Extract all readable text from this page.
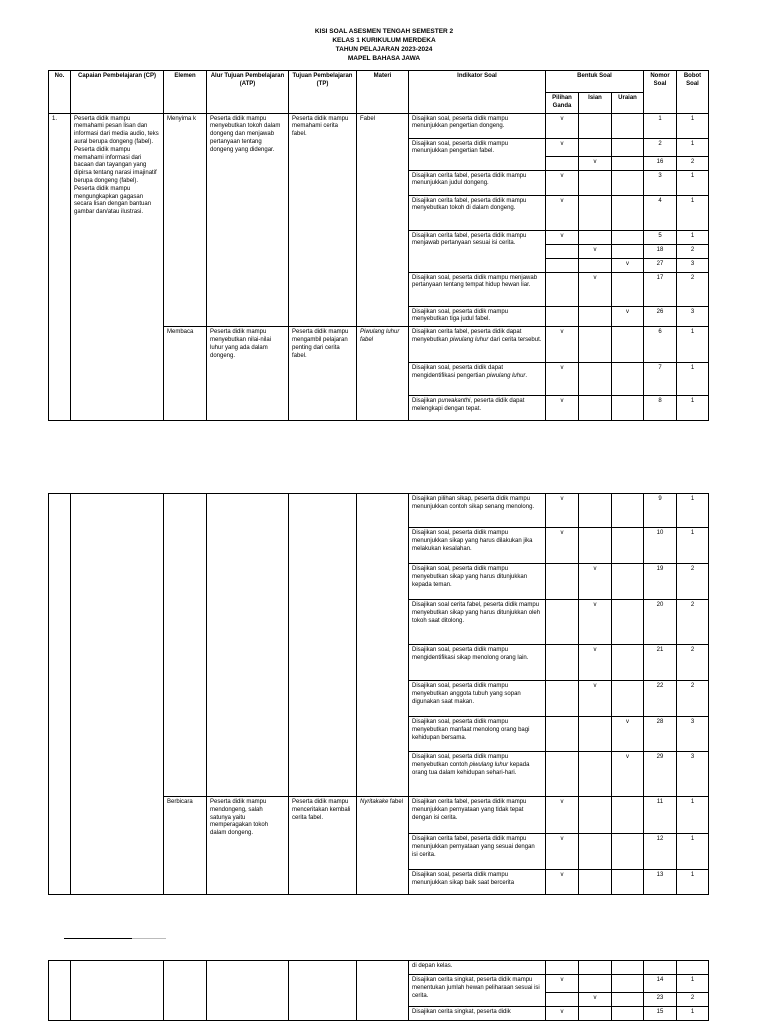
KISI SOAL ASESMEN TENGAH SEMESTER 2
KELAS 1 KURIKULUM MERDEKA
TAHUN PELAJARAN 2023-2024
MAPEL BAHASA JAWA
No.	Capaian Pembelajaran (CP)	Elemen	Alur Tujuan Pembelajaran (ATP)	Tujuan Pembelajaran (TP)	Materi	Indikator Soal	Bentuk Soal			Nomor Soal	Bobot Soal
							Pilihan Ganda	Isian	Uraian		
1.	Peserta didik mampu memahami pesan lisan dan informasi dari media audio, teks aural berupa dongeng (fabel). Peserta didik mampu memahami informasi dari bacaan dan tayangan yang dipirsa tentang narasi imajinatif berupa dongeng (fabel). Peserta didik mampu mengungkapkan gagasan secara lisan dengan bantuan gambar dan/atau ilustrasi.	Menyima k	Peserta didik mampu menyebutkan tokoh dalam dongeng dan menjawab pertanyaan tentang dongeng yang didengar.	Peserta didik mampu memahami cerita fabel.	Fabel	Disajikan soal, peserta didik mampu menunjukkan pengertian dongeng.	v			1	1
						Disajikan soal, peserta didik mampu menunjukkan pengertian fabel.	v			2	1
								v		16	2
						Disajikan cerita fabel, peserta didik mampu menunjukkan judul dongeng.	v			3	1
						Disajikan cerita fabel, peserta didik mampu menyebutkan tokoh di dalam dongeng.	v			4	1
						Disajikan cerita fabel, peserta didik mampu menjawab pertanyaan sesuai isi cerita.	v			5	1
								v		18	2
									v	27	3
						Disajikan soal, peserta didik mampu menjawab pertanyaan tentang tempat hidup hewan liar.		v		17	2
						Disajikan soal, peserta didik mampu menyebutkan tiga judul fabel.			v	26	3
		Membaca	Peserta didik mampu menyebutkan nilai-nilai luhur yang ada dalam dongeng.	Peserta didik mampu mengambil pelajaran penting dari cerita fabel.	Piwulang luhur fabel	Disajikan cerita fabel, peserta didik dapat menyebutkan piwulang luhur dari cerita tersebut.	v			6	1
						Disajikan soal, peserta didik dapat mengidentifikasi pengertian piwulang luhur.	v			7	1
						Disajikan purwakanthi, peserta didik dapat melengkapi dengan tepat.	v			8	1
						Disajikan pilihan sikap, peserta didik mampu menunjukkan contoh sikap senang menolong.	v			9	1
						Disajikan soal, peserta didik mampu menunjukkan sikap yang harus dilakukan jika melakukan kesalahan.	v			10	1
						Disajikan soal, peserta didik mampu menyebutkan sikap yang harus ditunjukkan kepada teman.		v		19	2
						Disajikan soal cerita fabel, peserta didik mampu menyebutkan sikap yang harus ditunjukkan oleh tokoh saat ditolong.		v		20	2
						Disajikan soal, peserta didik mampu mengidentifikasi sikap menolong orang lain.		v		21	2
						Disajikan soal, peserta didik mampu menyebutkan anggota tubuh yang sopan digunakan saat makan.		v		22	2
						Disajikan soal, peserta didik mampu menyebutkan manfaat menolong orang bagi kehidupan bersama.			v	28	3
						Disajikan soal, peserta didik mampu menyebutkan contoh piwulang luhur kepada orang tua dalam kehidupan sehari-hari.			v	29	3
		Berbicara	Peserta didik mampu mendongeng, salah satunya yaitu memperagakan tokoh dalam dongeng.	Peserta didik mampu menceritakan kembali cerita fabel.	Nyritakake fabel	Disajikan cerita fabel, peserta didik mampu menunjukkan pernyataan yang tidak tepat dengan isi cerita.	v			11	1
						Disajikan cerita fabel, peserta didik mampu menunjukkan pernyataan yang sesuai dengan isi cerita.	v			12	1
						Disajikan soal, peserta didik mampu menunjukkan sikap baik saat bercerita	v			13	1
						di depan kelas.					
						Disajikan cerita singkat, peserta didik mampu menentukan jumlah hewan peliharaan sesuai isi cerita.	v			14	1
								v		23	2
						Disajikan cerita singkat, peserta didik	v			15	1
